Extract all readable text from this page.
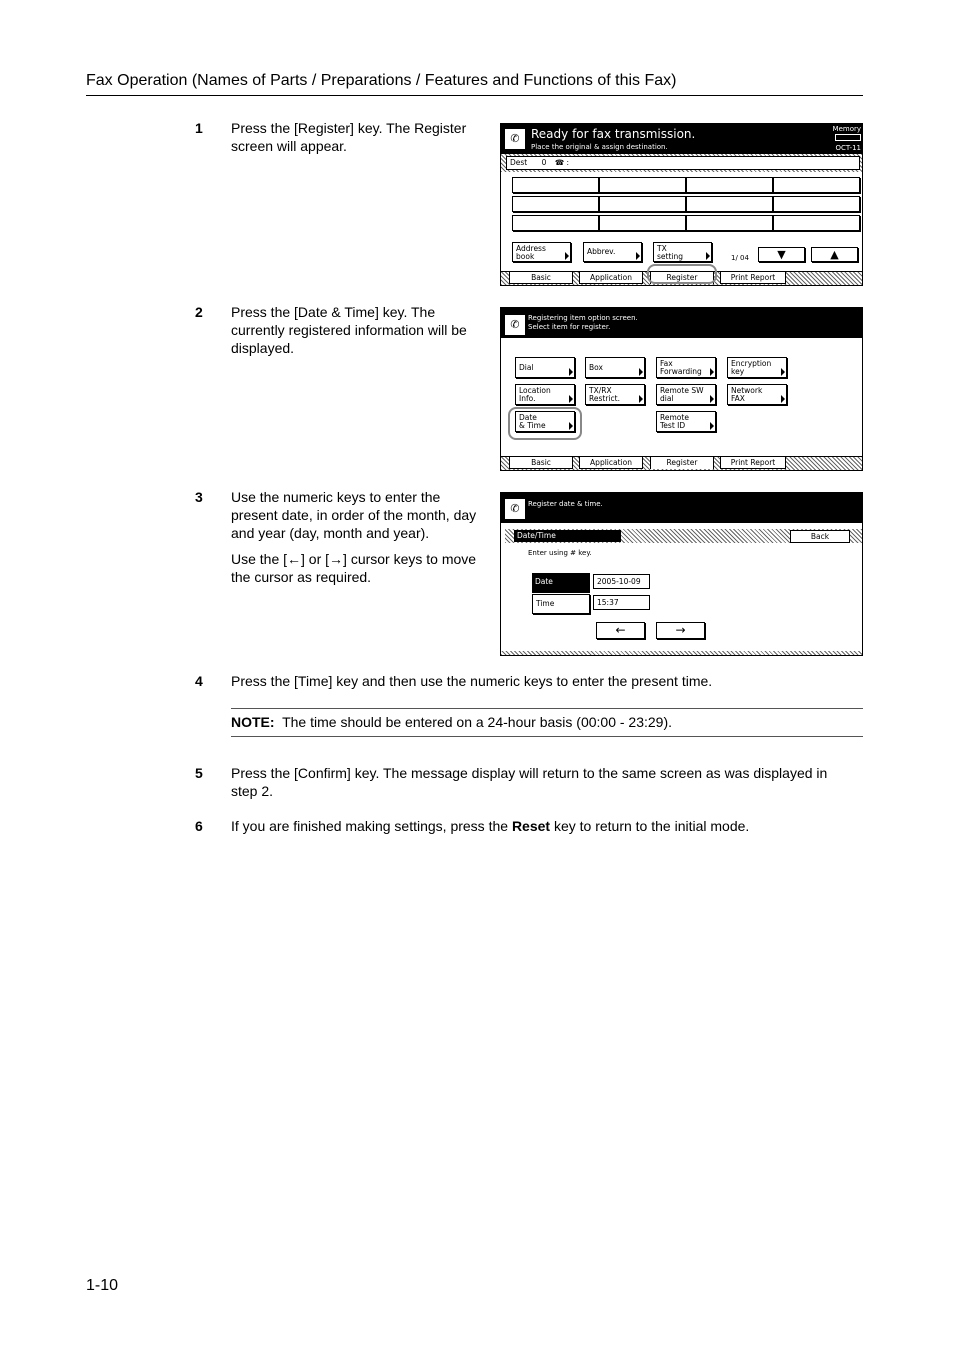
Fax Operation (Names of Parts / Preparations / Features and Functions of this Fax)
1 Press the [Register] key. The Register
screen will appear.	✆ Ready for fax transmission.
Place the original & assign destination.
Memory
OCT-11
Dest 0 ☎ :
Address
book
Abbrev.	TX
setting	1/ 04	▼	▲
Basic	Application	Register	Print Report
2 Press the [Date & Time] key. The
currently registered information will be
displayed.

✆	Registering item option screen.
Select item for register.
Dial	Box	Fax
Forwarding
Encryption
key
Location
Info.
TX/RX
Restrict.
Remote SW
dial
Network
FAX
Date
& Time
Remote
Test ID
Basic	Application	Register	Print Report
3 Use the numeric keys to enter the
present date, in order of the month, day
and year (day, month and year).

Use the [←] or [→] cursor keys to move
the cursor as required.

✆	Register date & time.
Date/Time	Back
Enter using # key.
Date	2005-10-09
Time	15:37
←	→
4 Press the [Time] key and then use the numeric keys to enter the present time.

NOTE: The time should be entered on a 24-hour basis (00:00 - 23:29).

5 Press the [Confirm] key. The message display will return to the same screen as was displayed in
step 2.

6 If you are finished making settings, press the Reset key to return to the initial mode.

1-10
